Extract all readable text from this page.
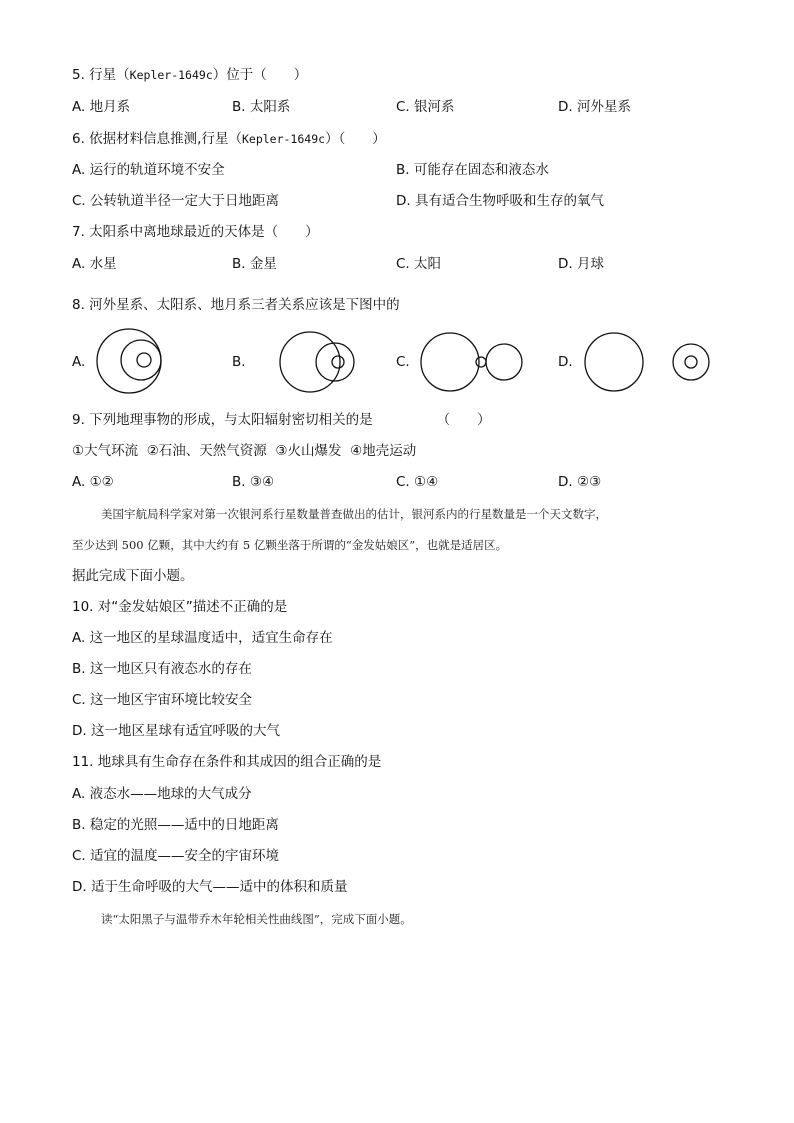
5. 行星（Kepler-1649c）位于（　　）
A. 地月系	B. 太阳系	C. 银河系	D. 河外星系
6. 依据材料信息推测,行星（Kepler-1649c）（　　）
A. 运行的轨道环境不安全	B. 可能存在固态和液态水
C. 公转轨道半径一定大于日地距离	D. 具有适合生物呼吸和生存的氧气
7. 太阳系中离地球最近的天体是（　　）
A. 水星	B. 金星	C. 太阳	D. 月球
8. 河外星系、太阳系、地月系三者关系应该是下图中的
A.	B.	C.	D.
9. 下列地理事物的形成，与太阳辐射密切相关的是	（　　）
①大气环流 ②石油、天然气资源 ③火山爆发 ④地壳运动
A. ①②	B. ③④	C. ①④	D. ②③
美国宇航局科学家对第一次银河系行星数量普查做出的估计，银河系内的行星数量是一个天文数字，
至少达到 500 亿颗，其中大约有 5 亿颗坐落于所谓的“金发姑娘区”，也就是适居区。
据此完成下面小题。
10. 对“金发姑娘区”描述不正确的是
A. 这一地区的星球温度适中，适宜生命存在
B. 这一地区只有液态水的存在
C. 这一地区宇宙环境比较安全
D. 这一地区星球有适宜呼吸的大气
11. 地球具有生命存在条件和其成因的组合正确的是
A. 液态水——地球的大气成分
B. 稳定的光照——适中的日地距离
C. 适宜的温度——安全的宇宙环境
D. 适于生命呼吸的大气——适中的体积和质量
读“太阳黑子与温带乔木年轮相关性曲线图”，完成下面小题。
